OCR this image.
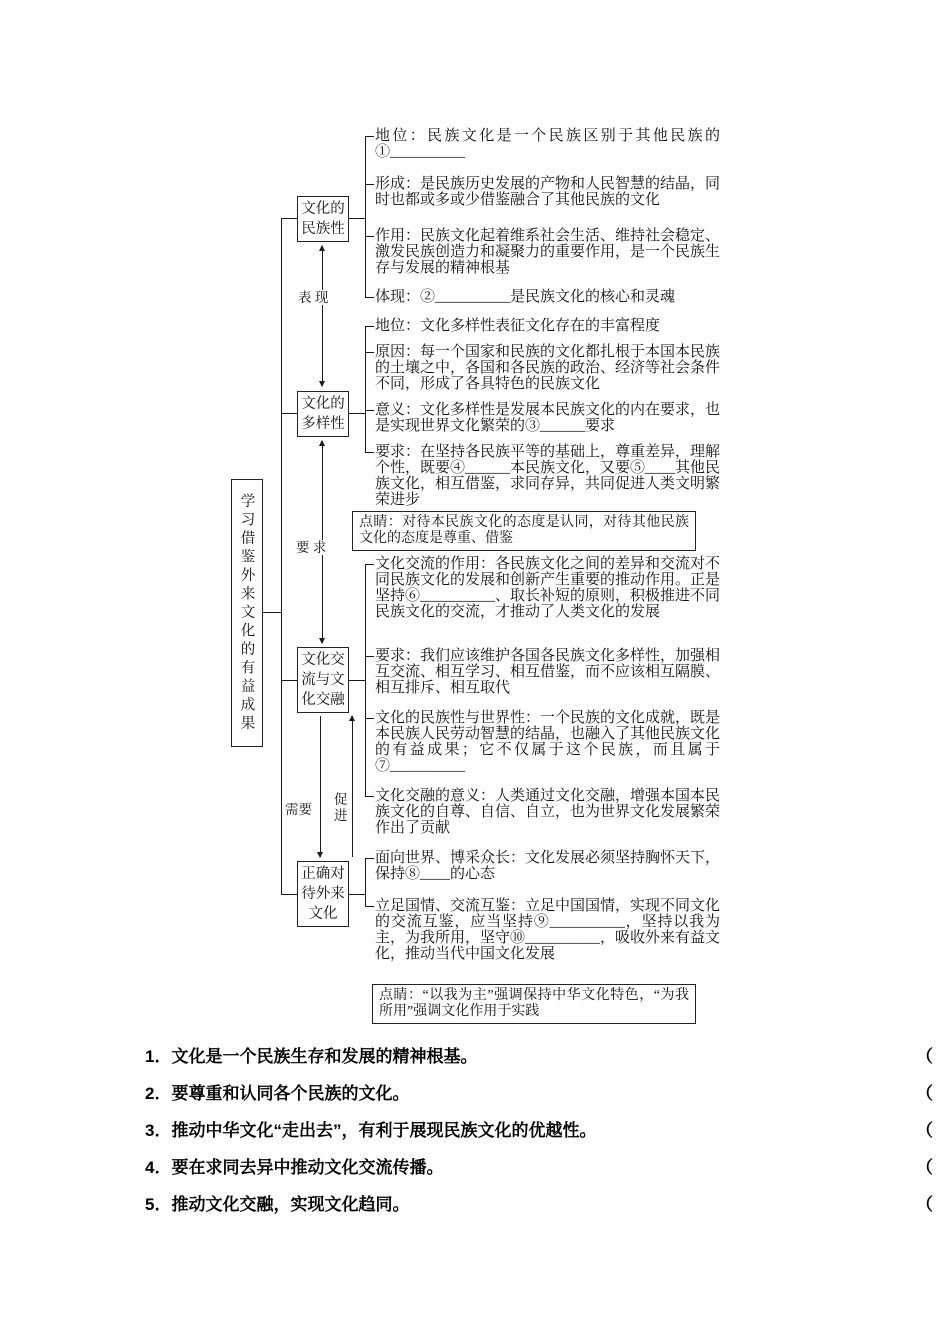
学习借鉴外来文化的有益成果
文化的民族性
文化的多样性
文化交流与文化交融
正确对待外来文化
表 现
要 求
需要
促进
地位：民族文化是一个民族区别于其他民族的①__________
形成：是民族历史发展的产物和人民智慧的结晶，同时也都或多或少借鉴融合了其他民族的文化
作用：民族文化起着维系社会生活、维持社会稳定、激发民族创造力和凝聚力的重要作用，是一个民族生存与发展的精神根基
体现：②__________是民族文化的核心和灵魂
地位：文化多样性表征文化存在的丰富程度
原因：每一个国家和民族的文化都扎根于本国本民族的土壤之中，各国和各民族的政治、经济等社会条件不同，形成了各具特色的民族文化
意义：文化多样性是发展本民族文化的内在要求，也是实现世界文化繁荣的③______要求
要求：在坚持各民族平等的基础上，尊重差异，理解个性，既要④______本民族文化，又要⑤____其他民族文化，相互借鉴，求同存异，共同促进人类文明繁荣进步
点睛：对待本民族文化的态度是认同，对待其他民族文化的态度是尊重、借鉴
文化交流的作用：各民族文化之间的差异和交流对不同民族文化的发展和创新产生重要的推动作用。正是坚持⑥__________、取长补短的原则，积极推进不同民族文化的交流，才推动了人类文化的发展
要求：我们应该维护各国各民族文化多样性，加强相互交流、相互学习、相互借鉴，而不应该相互隔膜、相互排斥、相互取代
文化的民族性与世界性：一个民族的文化成就，既是本民族人民劳动智慧的结晶，也融入了其他民族文化的有益成果；它不仅属于这个民族，而且属于⑦__________
文化交融的意义：人类通过文化交融，增强本国本民族文化的自尊、自信、自立，也为世界文化发展繁荣作出了贡献
面向世界、博采众长：文化发展必须坚持胸怀天下，保持⑧____的心态
立足国情、交流互鉴：立足中国国情，实现不同文化的交流互鉴，应当坚持⑨__________，坚持以我为主，为我所用，坚守⑩__________，吸收外来有益文化，推动当代中国文化发展
点睛：“以我为主”强调保持中华文化特色，“为我所用”强调文化作用于实践
1．文化是一个民族生存和发展的精神根基。	（
2．要尊重和认同各个民族的文化。	（
3．推动中华文化“走出去”，有利于展现民族文化的优越性。	（
4．要在求同去异中推动文化交流传播。	（
5．推动文化交融，实现文化趋同。	（
